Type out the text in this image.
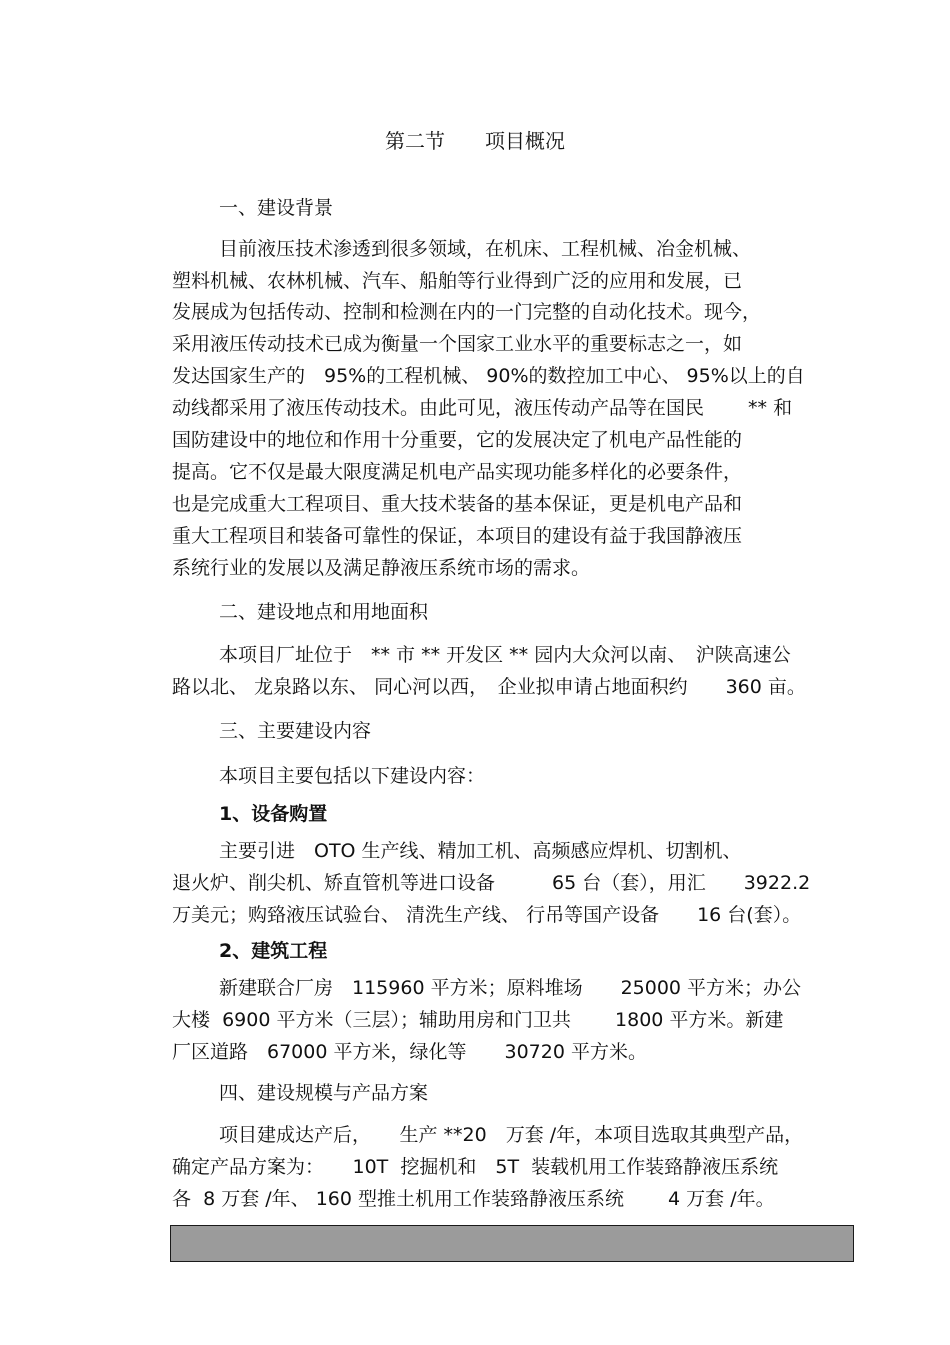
第二节　　项目概况
一、建设背景
目前液压技术渗透到很多领域，在机床、工程机械、冶金机械、
塑料机械、农林机械、汽车、船舶等行业得到广泛的应用和发展，已
发展成为包括传动、控制和检测在内的一门完整的自动化技术。现今，
采用液压传动技术已成为衡量一个国家工业水平的重要标志之一，如
发达国家生产的　95%的工程机械、 90%的数控加工中心、 95%以上的自
动线都采用了液压传动技术。由此可见，液压传动产品等在国民　　 ** 和
国防建设中的地位和作用十分重要，它的发展决定了机电产品性能的
提高。它不仅是最大限度满足机电产品实现功能多样化的必要条件，
也是完成重大工程项目、重大技术装备的基本保证，更是机电产品和
重大工程项目和装备可靠性的保证，本项目的建设有益于我国静液压
系统行业的发展以及满足静液压系统市场的需求。
二、建设地点和用地面积
本项目厂址位于　** 市 ** 开发区 ** 园内大众河以南、　沪陕高速公
路以北、 龙泉路以东、 同心河以西，　企业拟申请占地面积约　　360 亩。
三、主要建设内容
本项目主要包括以下建设内容：
1、设备购置
主要引进　OTO 生产线、精加工机、高频感应焊机、切割机、
退火炉、削尖机、矫直管机等进口设备　　　65 台（套），用汇　　3922.2
万美元；购臵液压试验台、 清洗生产线、 行吊等国产设备　　16 台(套）。
2、建筑工程
新建联合厂房　115960 平方米；原料堆场　　25000 平方米；办公
大楼  6900 平方米（三层）；辅助用房和门卫共　　 1800 平方米。新建
厂区道路　67000 平方米，绿化等　　30720 平方米。
四、建设规模与产品方案
项目建成达产后，　　生产 **20　万套 /年，本项目选取其典型产品，
确定产品方案为：　　10T  挖掘机和　5T  装载机用工作装臵静液压系统
各  8 万套 /年、 160 型推土机用工作装臵静液压系统　　 4 万套 /年。
